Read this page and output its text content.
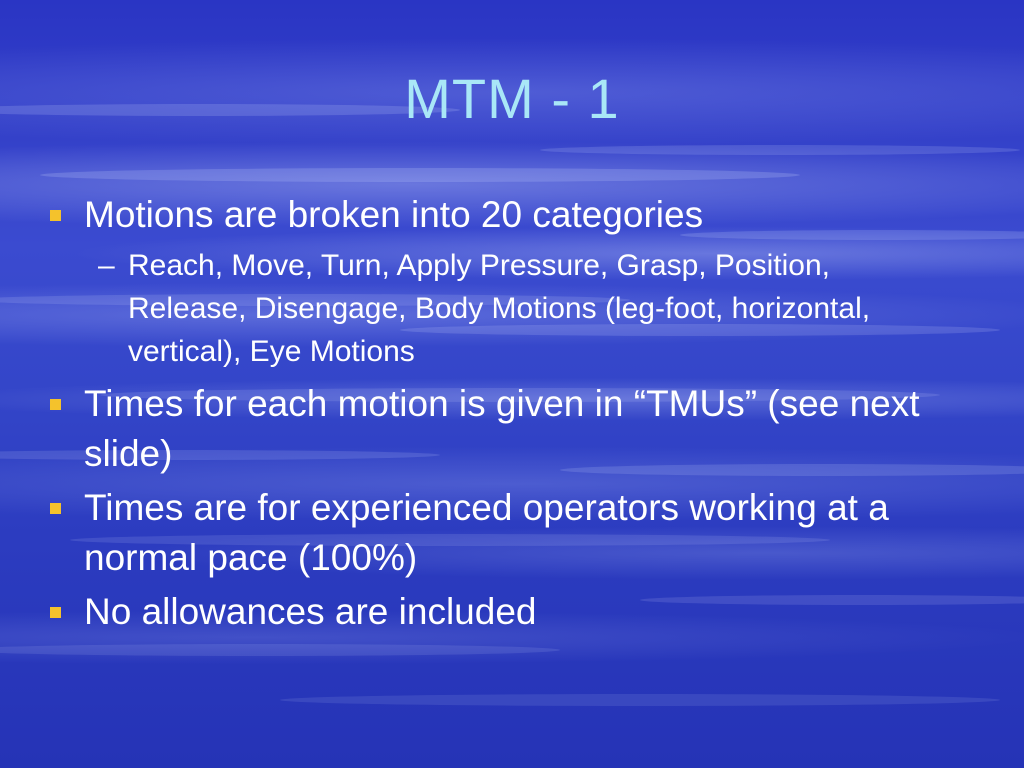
MTM - 1
Motions are broken into 20 categories
– Reach, Move, Turn, Apply Pressure, Grasp, Position, Release, Disengage, Body Motions (leg-foot, horizontal, vertical), Eye Motions
Times for each motion is given in “TMUs” (see next slide)
Times are for experienced operators working at a normal pace (100%)
No allowances are included
